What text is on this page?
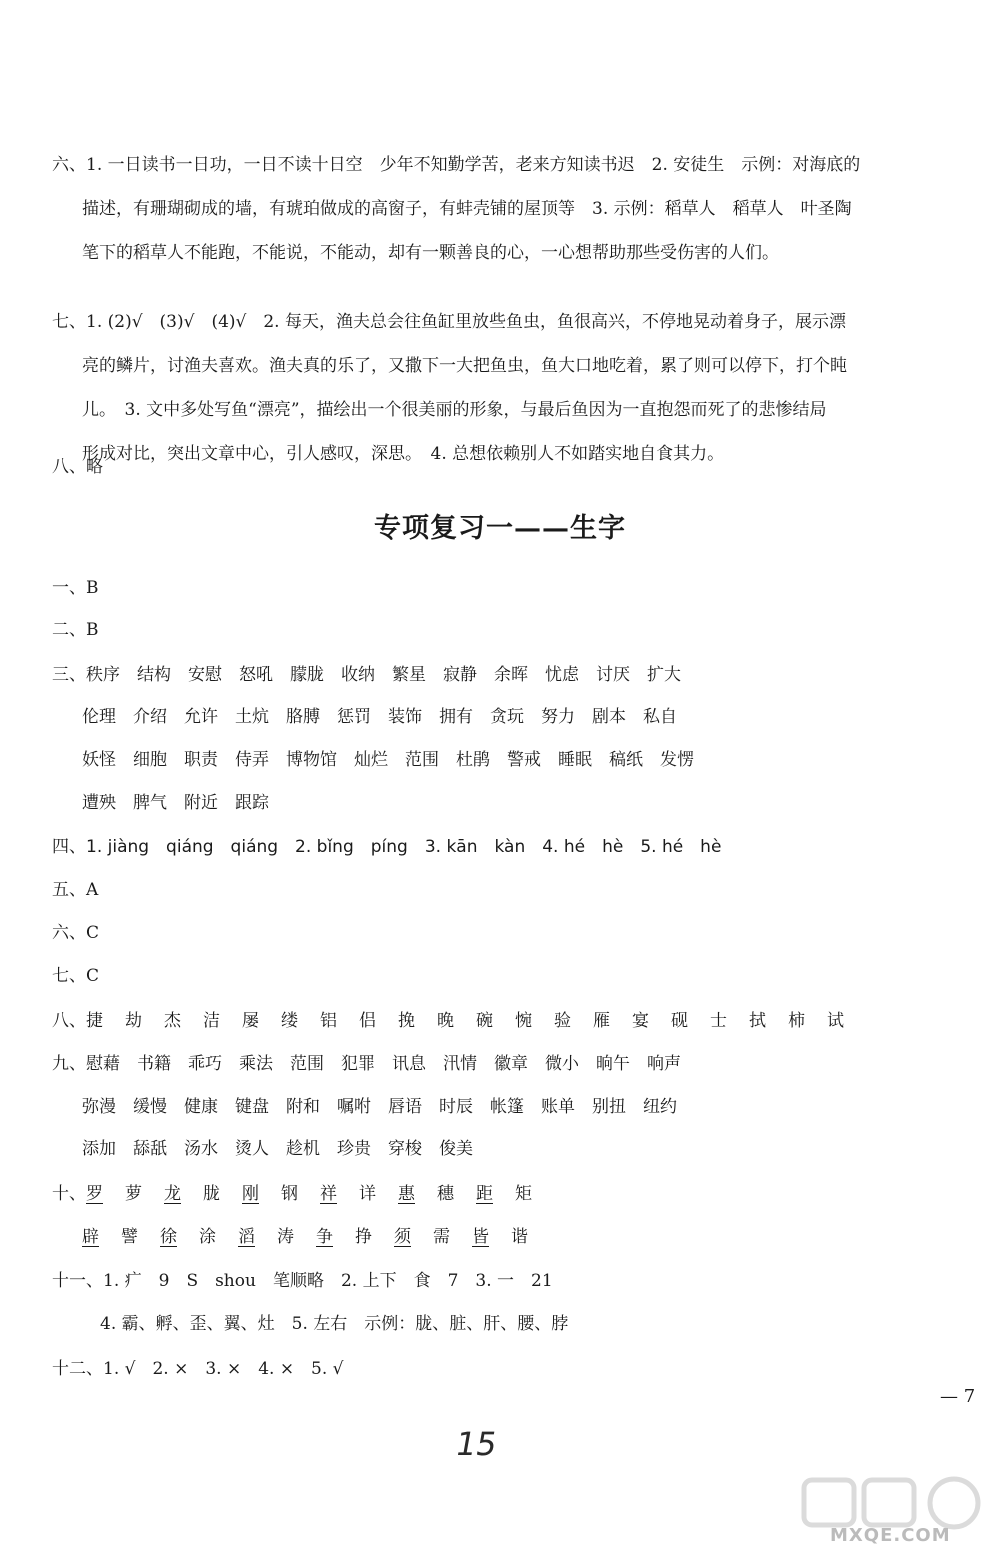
六、1. 一日读书一日功，一日不读十日空　少年不知勤学苦，老来方知读书迟　2. 安徒生　示例：对海底的
描述，有珊瑚砌成的墙，有琥珀做成的高窗子，有蚌壳铺的屋顶等　3. 示例：稻草人　稻草人　叶圣陶
笔下的稻草人不能跑，不能说，不能动，却有一颗善良的心，一心想帮助那些受伤害的人们。
七、1. (2)√　(3)√　(4)√　2. 每天，渔夫总会往鱼缸里放些鱼虫，鱼很高兴，不停地晃动着身子，展示漂
亮的鳞片，讨渔夫喜欢。渔夫真的乐了，又撒下一大把鱼虫，鱼大口地吃着，累了则可以停下，打个盹
儿。　3. 文中多处写鱼“漂亮”，描绘出一个很美丽的形象，与最后鱼因为一直抱怨而死了的悲惨结局
形成对比，突出文章中心，引人感叹，深思。　4. 总想依赖别人不如踏实地自食其力。
八、略
专项复习一——生字
一、B
二、B
三、秩序 结构 安慰 怒吼 朦胧 收纳 繁星 寂静 余晖 忧虑 讨厌 扩大
伦理 介绍 允许 土炕 胳膊 惩罚 装饰 拥有 贪玩 努力 剧本 私自
妖怪 细胞 职责 侍弄 博物馆 灿烂 范围 杜鹃 警戒 睡眠 稿纸 发愣
遭殃 脾气 附近 跟踪
四、1. jiàng　qiáng　qiáng　2. bǐng　píng　3. kān　kàn　4. hé　hè　5. hé　hè
五、A
六、C
七、C
八、捷 劫 杰 洁 屡 缕 铝 侣 挽 晚 碗 惋 验 雁 宴 砚 士 拭 柿 试
九、慰藉 书籍 乖巧 乘法 范围 犯罪 讯息 汛情 徽章 微小 晌午 响声
弥漫 缓慢 健康 键盘 附和 嘱咐 唇语 时辰 帐篷 账单 别扭 纽约
添加 舔舐 汤水 烫人 趁机 珍贵 穿梭 俊美
十、罗 萝 龙 胧 刚 钢 祥 详 惠 穗 距 矩
辟 譬 徐 涂 滔 涛 争 挣 须 需 皆 谐
十一、1. 疒　9　S　shou　笔顺略　2. 上下　食　7　3. 一　21
4. 霸、孵、歪、翼、灶　5. 左右　示例：胧、脏、肝、腰、脖
十二、1. √　2. ×　3. ×　4. ×　5. √
— 7
15
MXQE.COM
